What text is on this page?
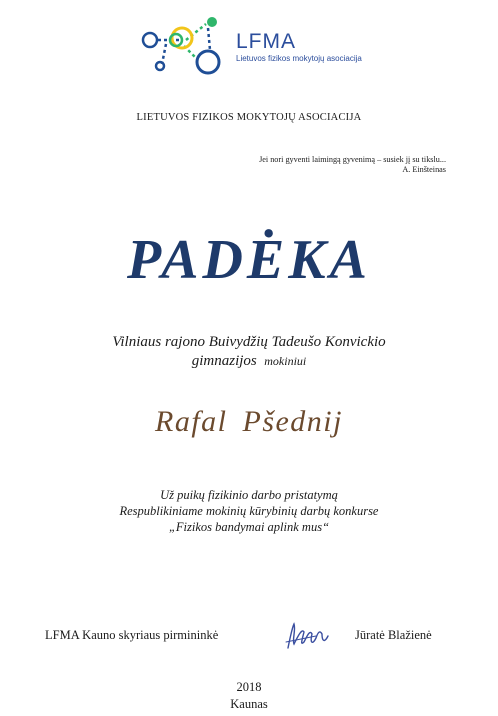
LFMA
Lietuvos fizikos mokytojų asociacija
LIETUVOS FIZIKOS MOKYTOJŲ ASOCIACIJA
Jei nori gyventi laimingą gyvenimą – susiek jį su tikslu...
A. Einšteinas
PADĖKA
Vilniaus rajono Buivydžių Tadeušo Konvickio
gimnazijos mokiniui
Rafal Pšednij
Už puikų fizikinio darbo pristatymą
Respublikiniame mokinių kūrybinių darbų konkurse
„Fizikos bandymai aplink mus“
LFMA Kauno skyriaus pirmininkė	Jūratė Blažienė
2018
Kaunas
